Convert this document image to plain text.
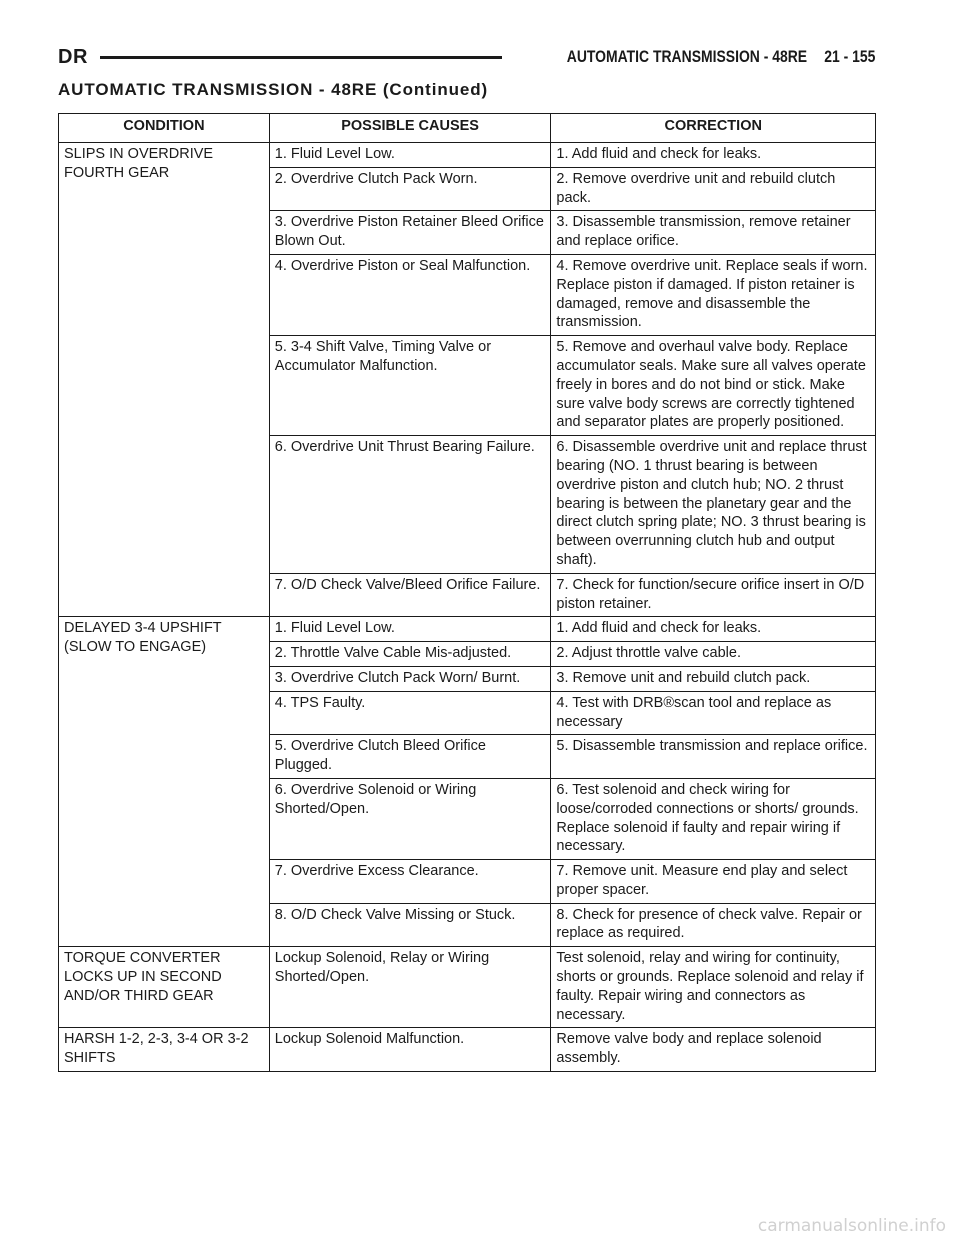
DR	AUTOMATIC TRANSMISSION - 48RE 21 - 155
AUTOMATIC TRANSMISSION - 48RE (Continued)
CONDITION	POSSIBLE CAUSES	CORRECTION
SLIPS IN OVERDRIVE FOURTH GEAR	1. Fluid Level Low.	1. Add fluid and check for leaks.
	2. Overdrive Clutch Pack Worn.	2. Remove overdrive unit and rebuild clutch pack.
	3. Overdrive Piston Retainer Bleed Orifice Blown Out.	3. Disassemble transmission, remove retainer and replace orifice.
	4. Overdrive Piston or Seal Malfunction.	4. Remove overdrive unit. Replace seals if worn. Replace piston if damaged. If piston retainer is damaged, remove and disassemble the transmission.
	5. 3-4 Shift Valve, Timing Valve or Accumulator Malfunction.	5. Remove and overhaul valve body. Replace accumulator seals. Make sure all valves operate freely in bores and do not bind or stick. Make sure valve body screws are correctly tightened and separator plates are properly positioned.
	6. Overdrive Unit Thrust Bearing Failure.	6. Disassemble overdrive unit and replace thrust bearing (NO. 1 thrust bearing is between overdrive piston and clutch hub; NO. 2 thrust bearing is between the planetary gear and the direct clutch spring plate; NO. 3 thrust bearing is between overrunning clutch hub and output shaft).
	7. O/D Check Valve/Bleed Orifice Failure.	7. Check for function/secure orifice insert in O/D piston retainer.
DELAYED 3-4 UPSHIFT (SLOW TO ENGAGE)	1. Fluid Level Low.	1. Add fluid and check for leaks.
	2. Throttle Valve Cable Mis-adjusted.	2. Adjust throttle valve cable.
	3. Overdrive Clutch Pack Worn/ Burnt.	3. Remove unit and rebuild clutch pack.
	4. TPS Faulty.	4. Test with DRB®scan tool and replace as necessary
	5. Overdrive Clutch Bleed Orifice Plugged.	5. Disassemble transmission and replace orifice.
	6. Overdrive Solenoid or Wiring Shorted/Open.	6. Test solenoid and check wiring for loose/corroded connections or shorts/ grounds. Replace solenoid if faulty and repair wiring if necessary.
	7. Overdrive Excess Clearance.	7. Remove unit. Measure end play and select proper spacer.
	8. O/D Check Valve Missing or Stuck.	8. Check for presence of check valve. Repair or replace as required.
TORQUE CONVERTER LOCKS UP IN SECOND AND/OR THIRD GEAR	Lockup Solenoid, Relay or Wiring Shorted/Open.	Test solenoid, relay and wiring for continuity, shorts or grounds. Replace solenoid and relay if faulty. Repair wiring and connectors as necessary.
HARSH 1-2, 2-3, 3-4 OR 3-2 SHIFTS	Lockup Solenoid Malfunction.	Remove valve body and replace solenoid assembly.
carmanualsonline.info
